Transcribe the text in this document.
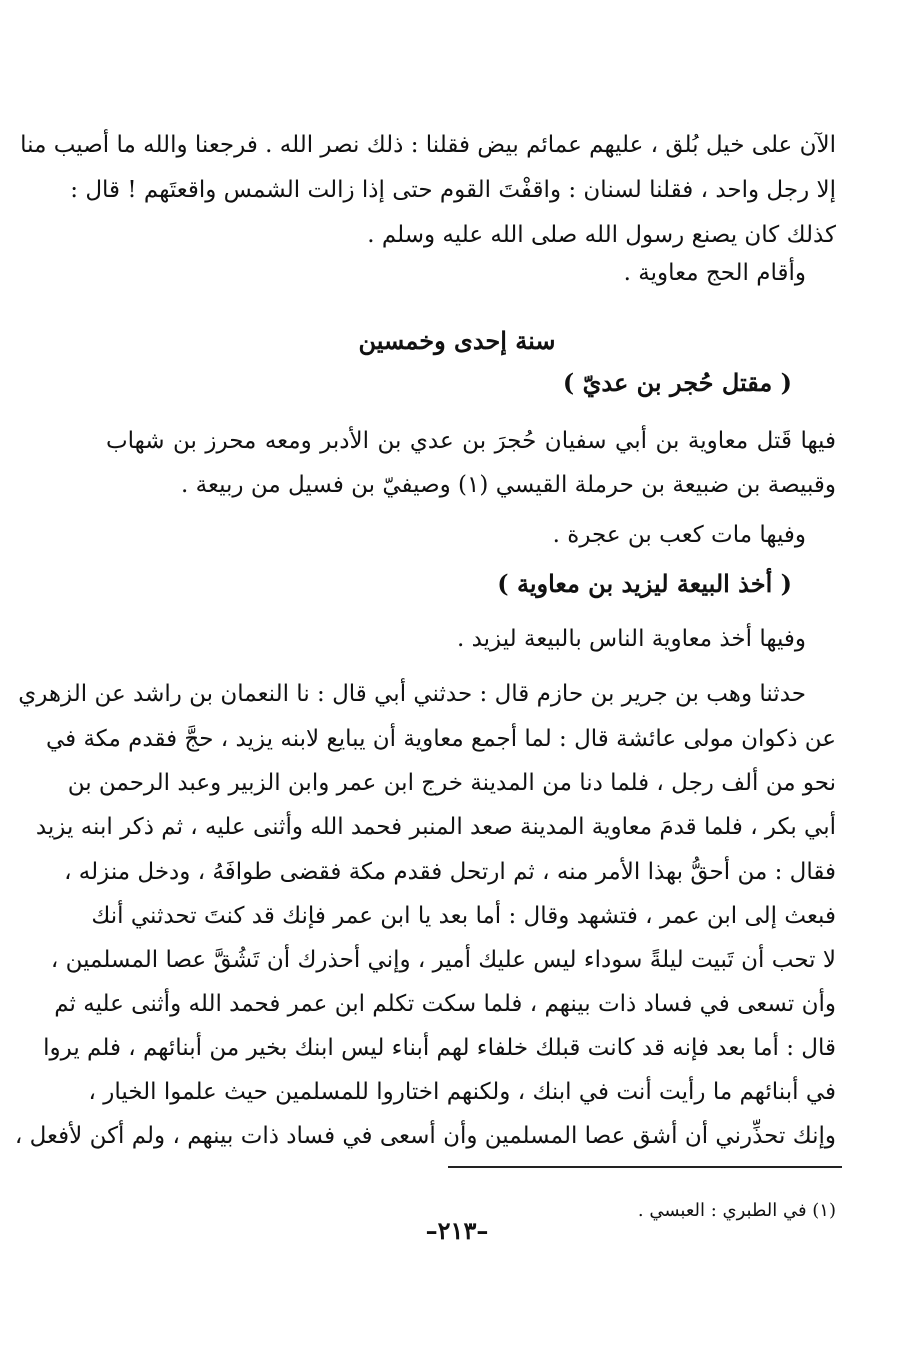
الآن على خيل بُلق ، عليهم عمائم بيض فقلنا : ذلك نصر الله . فرجعنا والله ما أصيب منا

إلا رجل واحد ، فقلنا لسنان : واقفْتَ القوم حتى إذا زالت الشمس واقعتَهم ! قال :

كذلك كان يصنع رسول الله صلى الله عليه وسلم .

وأقام الحج معاوية .

سنة إحدى وخمسين

( مقتل حُجر بن عديّ )

فيها قَتل معاوية بن أبي سفيان حُجرَ بن عدي بن الأدبر ومعه محرز بن شهاب

وقبيصة بن ضبيعة بن حرملة القيسي (١) وصيفيّ بن فسيل من ربيعة .

وفيها مات كعب بن عجرة .

( أخذ البيعة ليزيد بن معاوية )

وفيها أخذ معاوية الناس بالبيعة ليزيد .

حدثنا وهب بن جرير بن حازم قال : حدثني أبي قال : نا النعمان بن راشد عن الزهري

عن ذكوان مولى عائشة قال : لما أجمع معاوية أن يبايع لابنه يزيد ، حجَّ فقدم مكة في

نحو من ألف رجل ، فلما دنا من المدينة خرج ابن عمر وابن الزبير وعبد الرحمن بن

أبي بكر ، فلما قدمَ معاوية المدينة صعد المنبر فحمد الله وأثنى عليه ، ثم ذكر ابنه يزيد

فقال : من أحقُّ بهذا الأمر منه ، ثم ارتحل فقدم مكة فقضى طوافَهُ ، ودخل منزله ،

فبعث إلى ابن عمر ، فتشهد وقال : أما بعد يا ابن عمر فإنك قد كنتَ تحدثني أنك

لا تحب أن تَبيت ليلةً سوداء ليس عليك أمير ، وإني أحذرك أن تَشُقَّ عصا المسلمين ،

وأن تسعى في فساد ذات بينهم ، فلما سكت تكلم ابن عمر فحمد الله وأثنى عليه ثم

قال : أما بعد فإنه قد كانت قبلك خلفاء لهم أبناء ليس ابنك بخير من أبنائهم ، فلم يروا

في أبنائهم ما رأيت أنت في ابنك ، ولكنهم اختاروا للمسلمين حيث علموا الخيار ،

وإنك تحذِّرني أن أشق عصا المسلمين وأن أسعى في فساد ذات بينهم ، ولم أكن لأفعل ،

(١) في الطبري : العبسي .

–٢١٣–
